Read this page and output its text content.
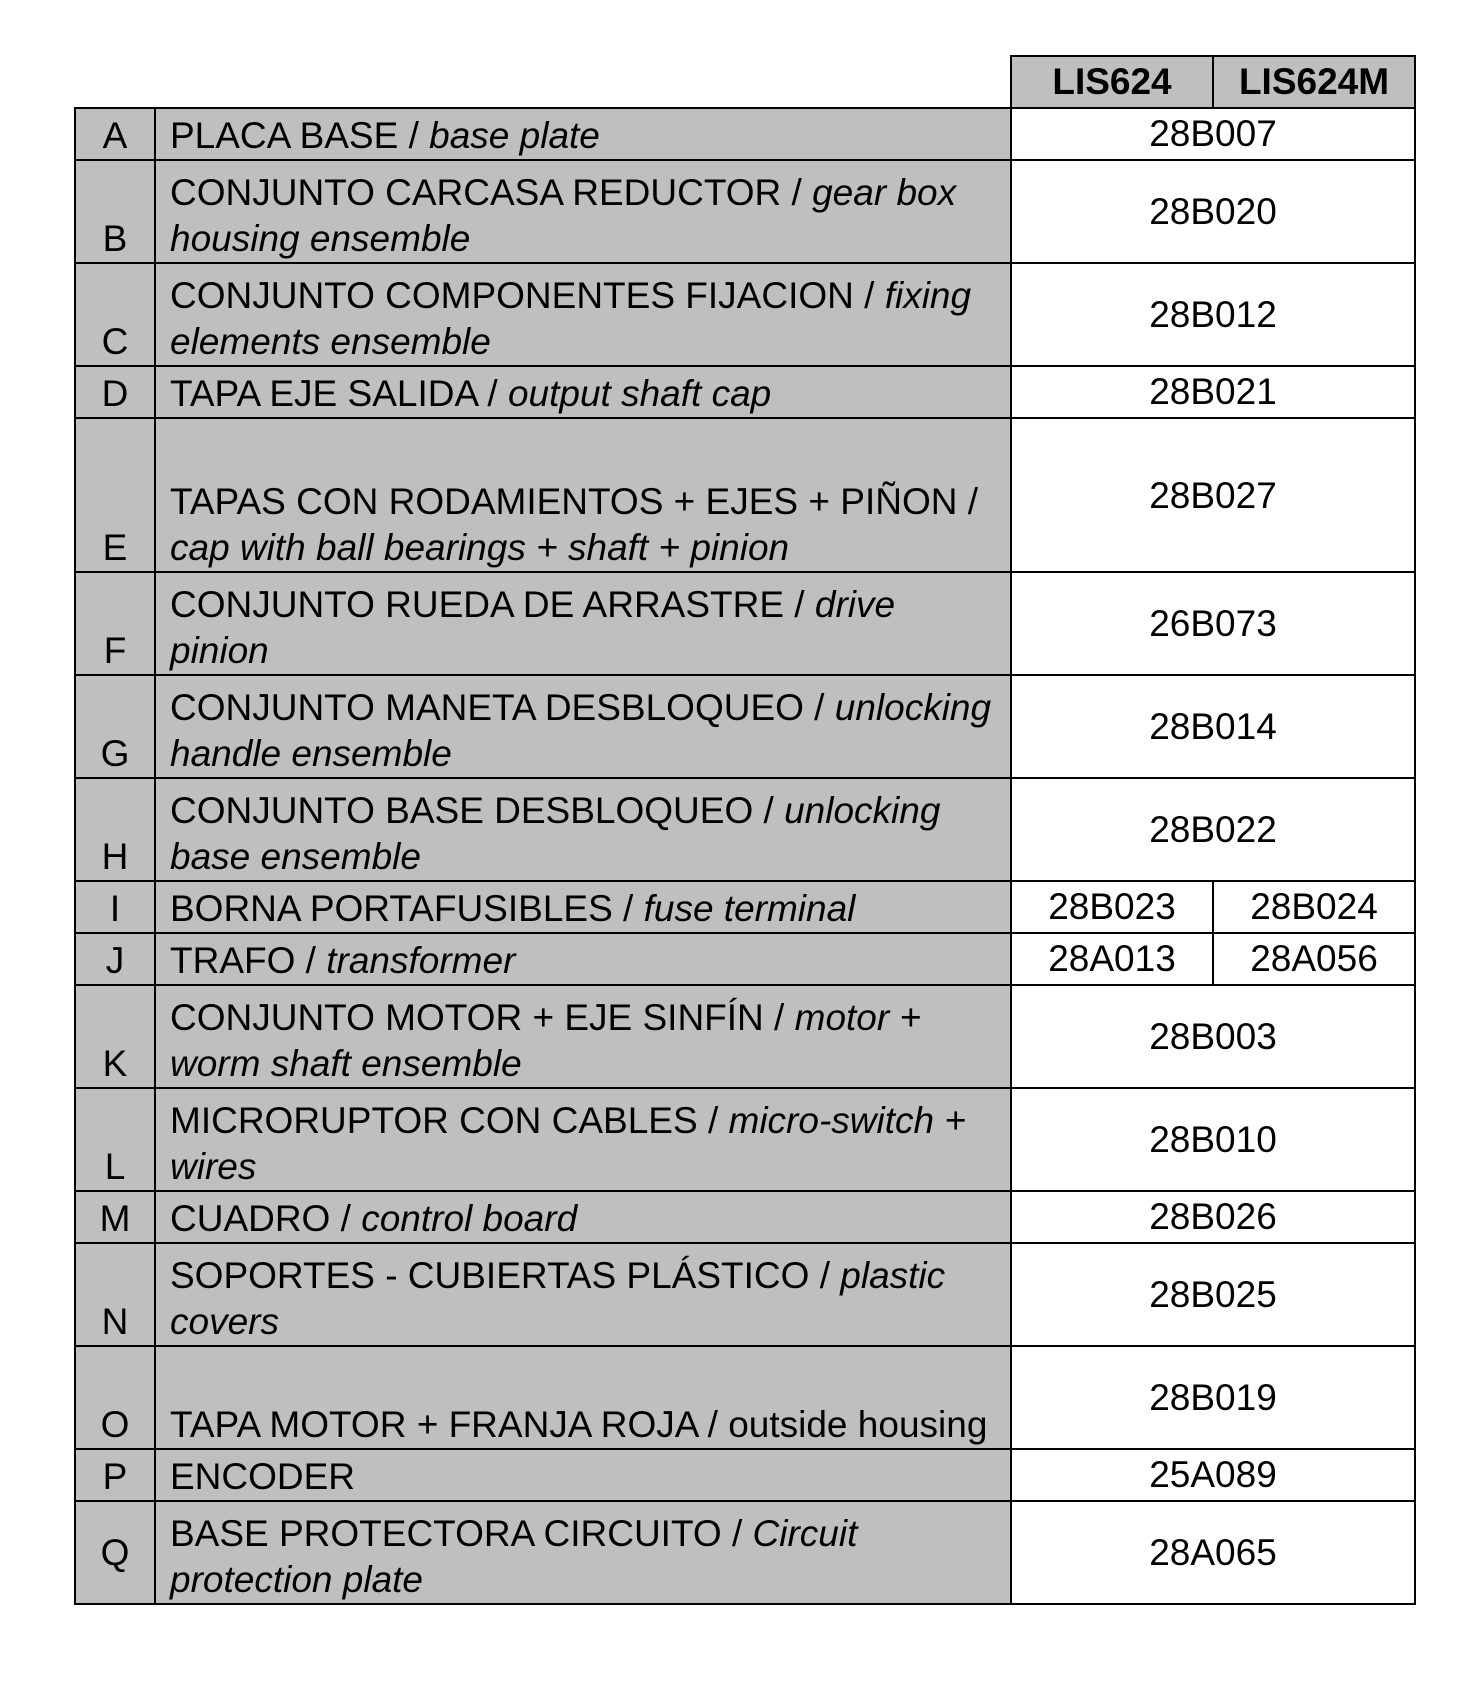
		LIS624	LIS624M
A	PLACA BASE / base plate	28B007	
B	CONJUNTO CARCASA REDUCTOR / gear box housing ensemble	28B020	
C	CONJUNTO COMPONENTES FIJACION / fixing elements ensemble	28B012	
D	TAPA EJE SALIDA / output shaft cap	28B021	
E	TAPAS CON RODAMIENTOS + EJES + PIÑON / cap with ball bearings + shaft + pinion	28B027	
F	CONJUNTO RUEDA DE ARRASTRE / drive pinion	26B073	
G	CONJUNTO MANETA DESBLOQUEO / unlocking handle ensemble	28B014	
H	CONJUNTO BASE DESBLOQUEO / unlocking base ensemble	28B022	
I	BORNA PORTAFUSIBLES / fuse terminal	28B023	28B024
J	TRAFO / transformer	28A013	28A056
K	CONJUNTO MOTOR + EJE SINFÍN / motor + worm shaft ensemble	28B003	
L	MICRORUPTOR CON CABLES / micro-switch + wires	28B010	
M	CUADRO / control board	28B026	
N	SOPORTES - CUBIERTAS PLÁSTICO / plastic covers	28B025	
O	TAPA MOTOR + FRANJA ROJA / outside housing	28B019	
P	ENCODER	25A089	
Q	BASE PROTECTORA CIRCUITO / Circuit protection plate	28A065	
